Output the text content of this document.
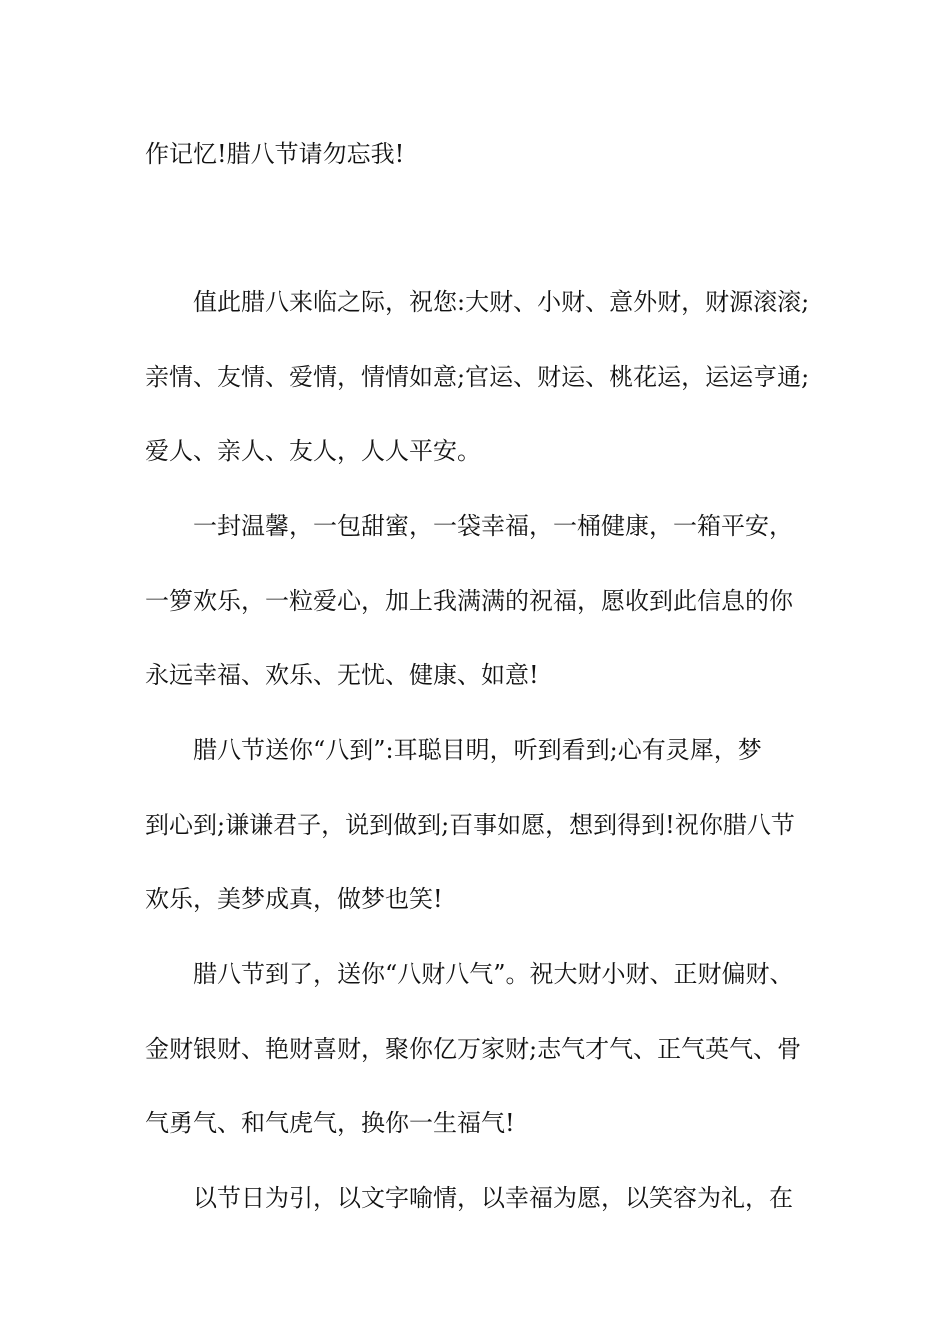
作记忆!腊八节请勿忘我!
值此腊八来临之际，祝您:大财、小财、意外财，财源滚滚;
亲情、友情、爱情，情情如意;官运、财运、桃花运，运运亨通;
爱人、亲人、友人，人人平安。
一封温馨，一包甜蜜，一袋幸福，一桶健康，一箱平安，
一箩欢乐，一粒爱心，加上我满满的祝福，愿收到此信息的你
永远幸福、欢乐、无忧、健康、如意!
腊八节送你“八到”:耳聪目明，听到看到;心有灵犀，梦
到心到;谦谦君子，说到做到;百事如愿，想到得到!祝你腊八节
欢乐，美梦成真，做梦也笑!
腊八节到了，送你“八财八气”。祝大财小财、正财偏财、
金财银财、艳财喜财，聚你亿万家财;志气才气、正气英气、骨
气勇气、和气虎气，换你一生福气!
以节日为引，以文字喻情，以幸福为愿，以笑容为礼，在
